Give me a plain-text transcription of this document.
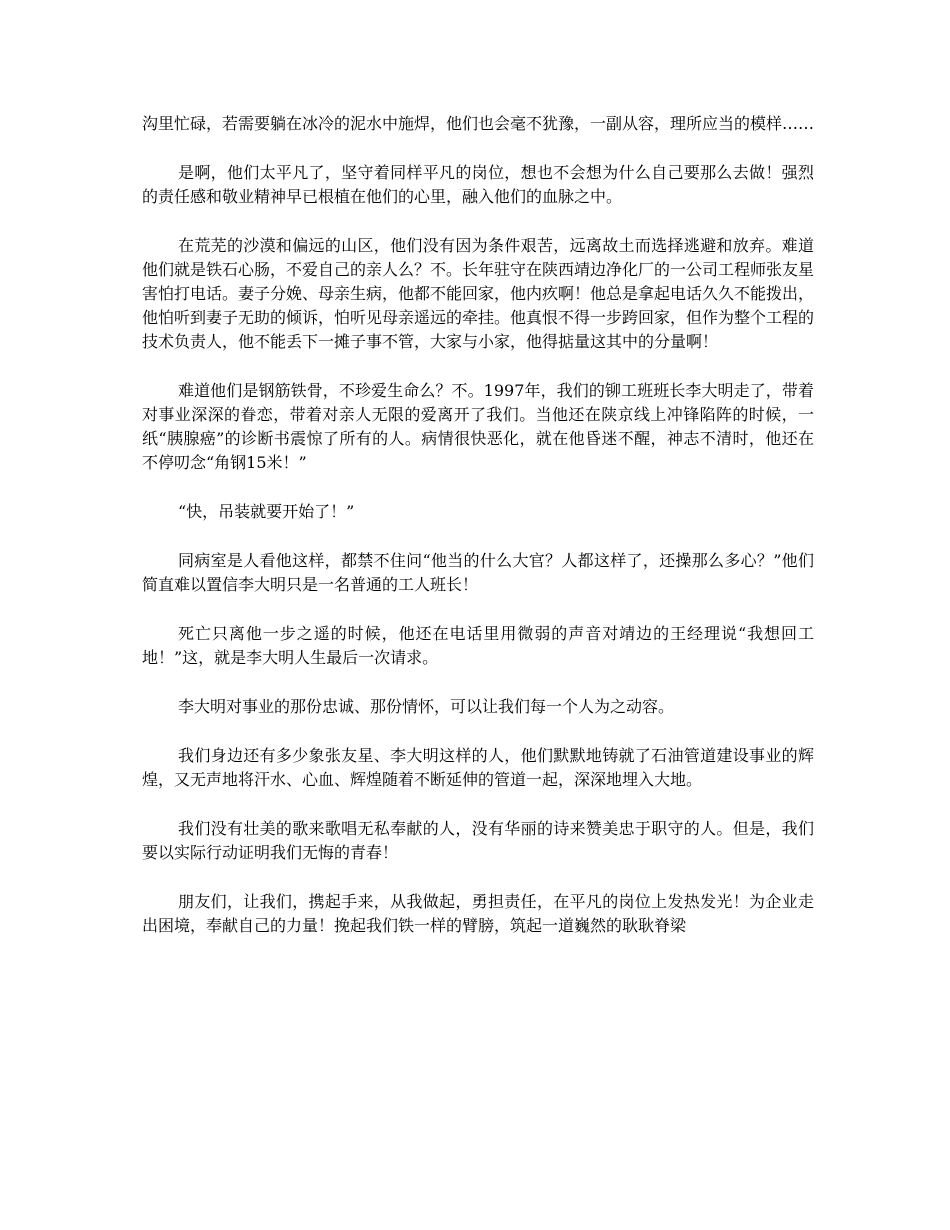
沟里忙碌，若需要躺在冰冷的泥水中施焊，他们也会毫不犹豫，一副从容，理所应当的模样……

是啊，他们太平凡了，坚守着同样平凡的岗位，想也不会想为什么自己要那么去做！强烈的责任感和敬业精神早已根植在他们的心里，融入他们的血脉之中。

在荒芜的沙漠和偏远的山区，他们没有因为条件艰苦，远离故土而选择逃避和放弃。难道他们就是铁石心肠，不爱自己的亲人么？不。长年驻守在陕西靖边净化厂的一公司工程师张友星害怕打电话。妻子分娩、母亲生病，他都不能回家，他内疚啊！他总是拿起电话久久不能拨出，他怕听到妻子无助的倾诉，怕听见母亲遥远的牵挂。他真恨不得一步跨回家，但作为整个工程的技术负责人，他不能丢下一摊子事不管，大家与小家，他得掂量这其中的分量啊！

难道他们是钢筋铁骨，不珍爱生命么？不。1997年，我们的铆工班班长李大明走了，带着对事业深深的眷恋，带着对亲人无限的爱离开了我们。当他还在陕京线上冲锋陷阵的时候，一纸“胰腺癌”的诊断书震惊了所有的人。病情很快恶化，就在他昏迷不醒，神志不清时，他还在不停叨念“角钢15米！”

“快，吊装就要开始了！”

同病室是人看他这样，都禁不住问“他当的什么大官？人都这样了，还操那么多心？”他们简直难以置信李大明只是一名普通的工人班长！

死亡只离他一步之遥的时候，他还在电话里用微弱的声音对靖边的王经理说“我想回工地！”这，就是李大明人生最后一次请求。

李大明对事业的那份忠诚、那份情怀，可以让我们每一个人为之动容。

我们身边还有多少象张友星、李大明这样的人，他们默默地铸就了石油管道建设事业的辉煌，又无声地将汗水、心血、辉煌随着不断延伸的管道一起，深深地埋入大地。

我们没有壮美的歌来歌唱无私奉献的人，没有华丽的诗来赞美忠于职守的人。但是，我们要以实际行动证明我们无悔的青春！

朋友们，让我们，携起手来，从我做起，勇担责任，在平凡的岗位上发热发光！为企业走出困境，奉献自己的力量！挽起我们铁一样的臂膀，筑起一道巍然的耿耿脊梁
